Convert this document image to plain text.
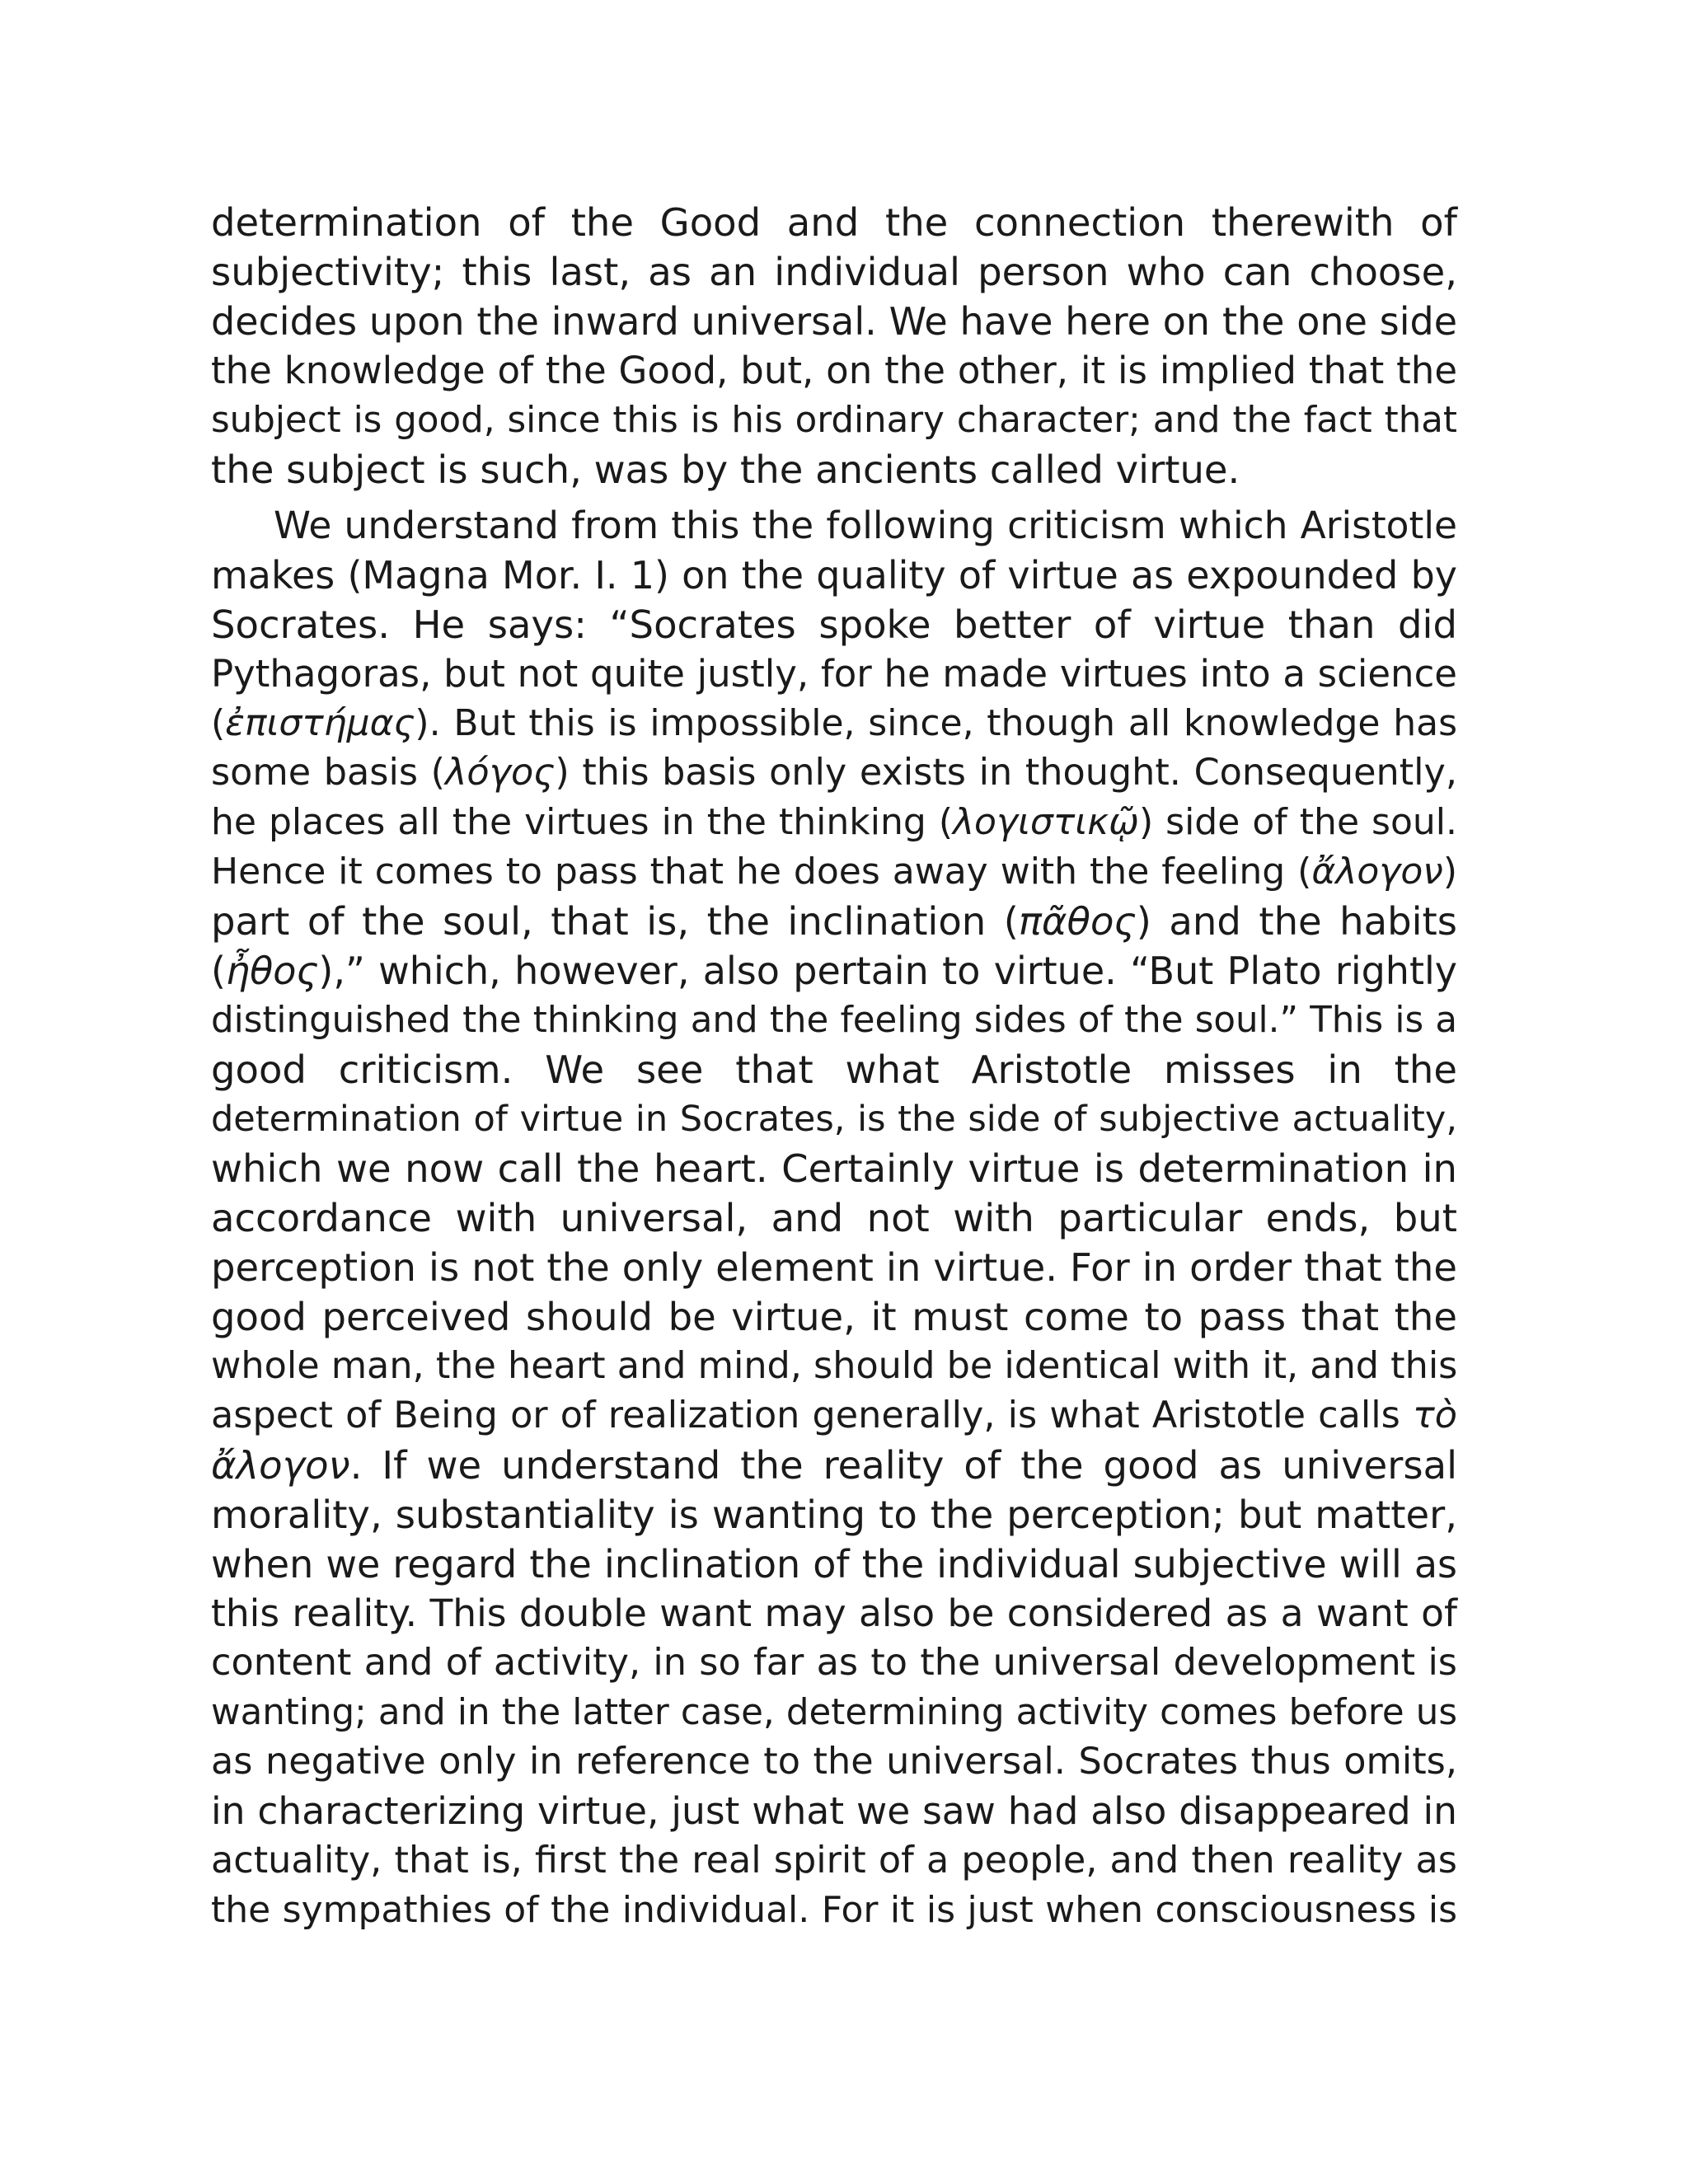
determination of the Good and the connection therewith of
subjectivity; this last, as an individual person who can choose,
decides upon the inward universal. We have here on the one side
the knowledge of the Good, but, on the other, it is implied that the
subject is good, since this is his ordinary character; and the fact that
the subject is such, was by the ancients called virtue.
We understand from this the following criticism which Aristotle
makes (Magna Mor. I. 1) on the quality of virtue as expounded by
Socrates. He says: “Socrates spoke better of virtue than did
Pythagoras, but not quite justly, for he made virtues into a science
(ἐπιστήμας). But this is impossible, since, though all knowledge has
some basis (λόγος) this basis only exists in thought. Consequently,
he places all the virtues in the thinking (λογιστικῷ) side of the soul.
Hence it comes to pass that he does away with the feeling (ἄλογον)
part of the soul, that is, the inclination (πᾶθος) and the habits
(ἦθος),” which, however, also pertain to virtue. “But Plato rightly
distinguished the thinking and the feeling sides of the soul.” This is a
good criticism. We see that what Aristotle misses in the
determination of virtue in Socrates, is the side of subjective actuality,
which we now call the heart. Certainly virtue is determination in
accordance with universal, and not with particular ends, but
perception is not the only element in virtue. For in order that the
good perceived should be virtue, it must come to pass that the
whole man, the heart and mind, should be identical with it, and this
aspect of Being or of realization generally, is what Aristotle calls τὸ
ἄλογον. If we understand the reality of the good as universal
morality, substantiality is wanting to the perception; but matter,
when we regard the inclination of the individual subjective will as
this reality. This double want may also be considered as a want of
content and of activity, in so far as to the universal development is
wanting; and in the latter case, determining activity comes before us
as negative only in reference to the universal. Socrates thus omits,
in characterizing virtue, just what we saw had also disappeared in
actuality, that is, first the real spirit of a people, and then reality as
the sympathies of the individual. For it is just when consciousness is
